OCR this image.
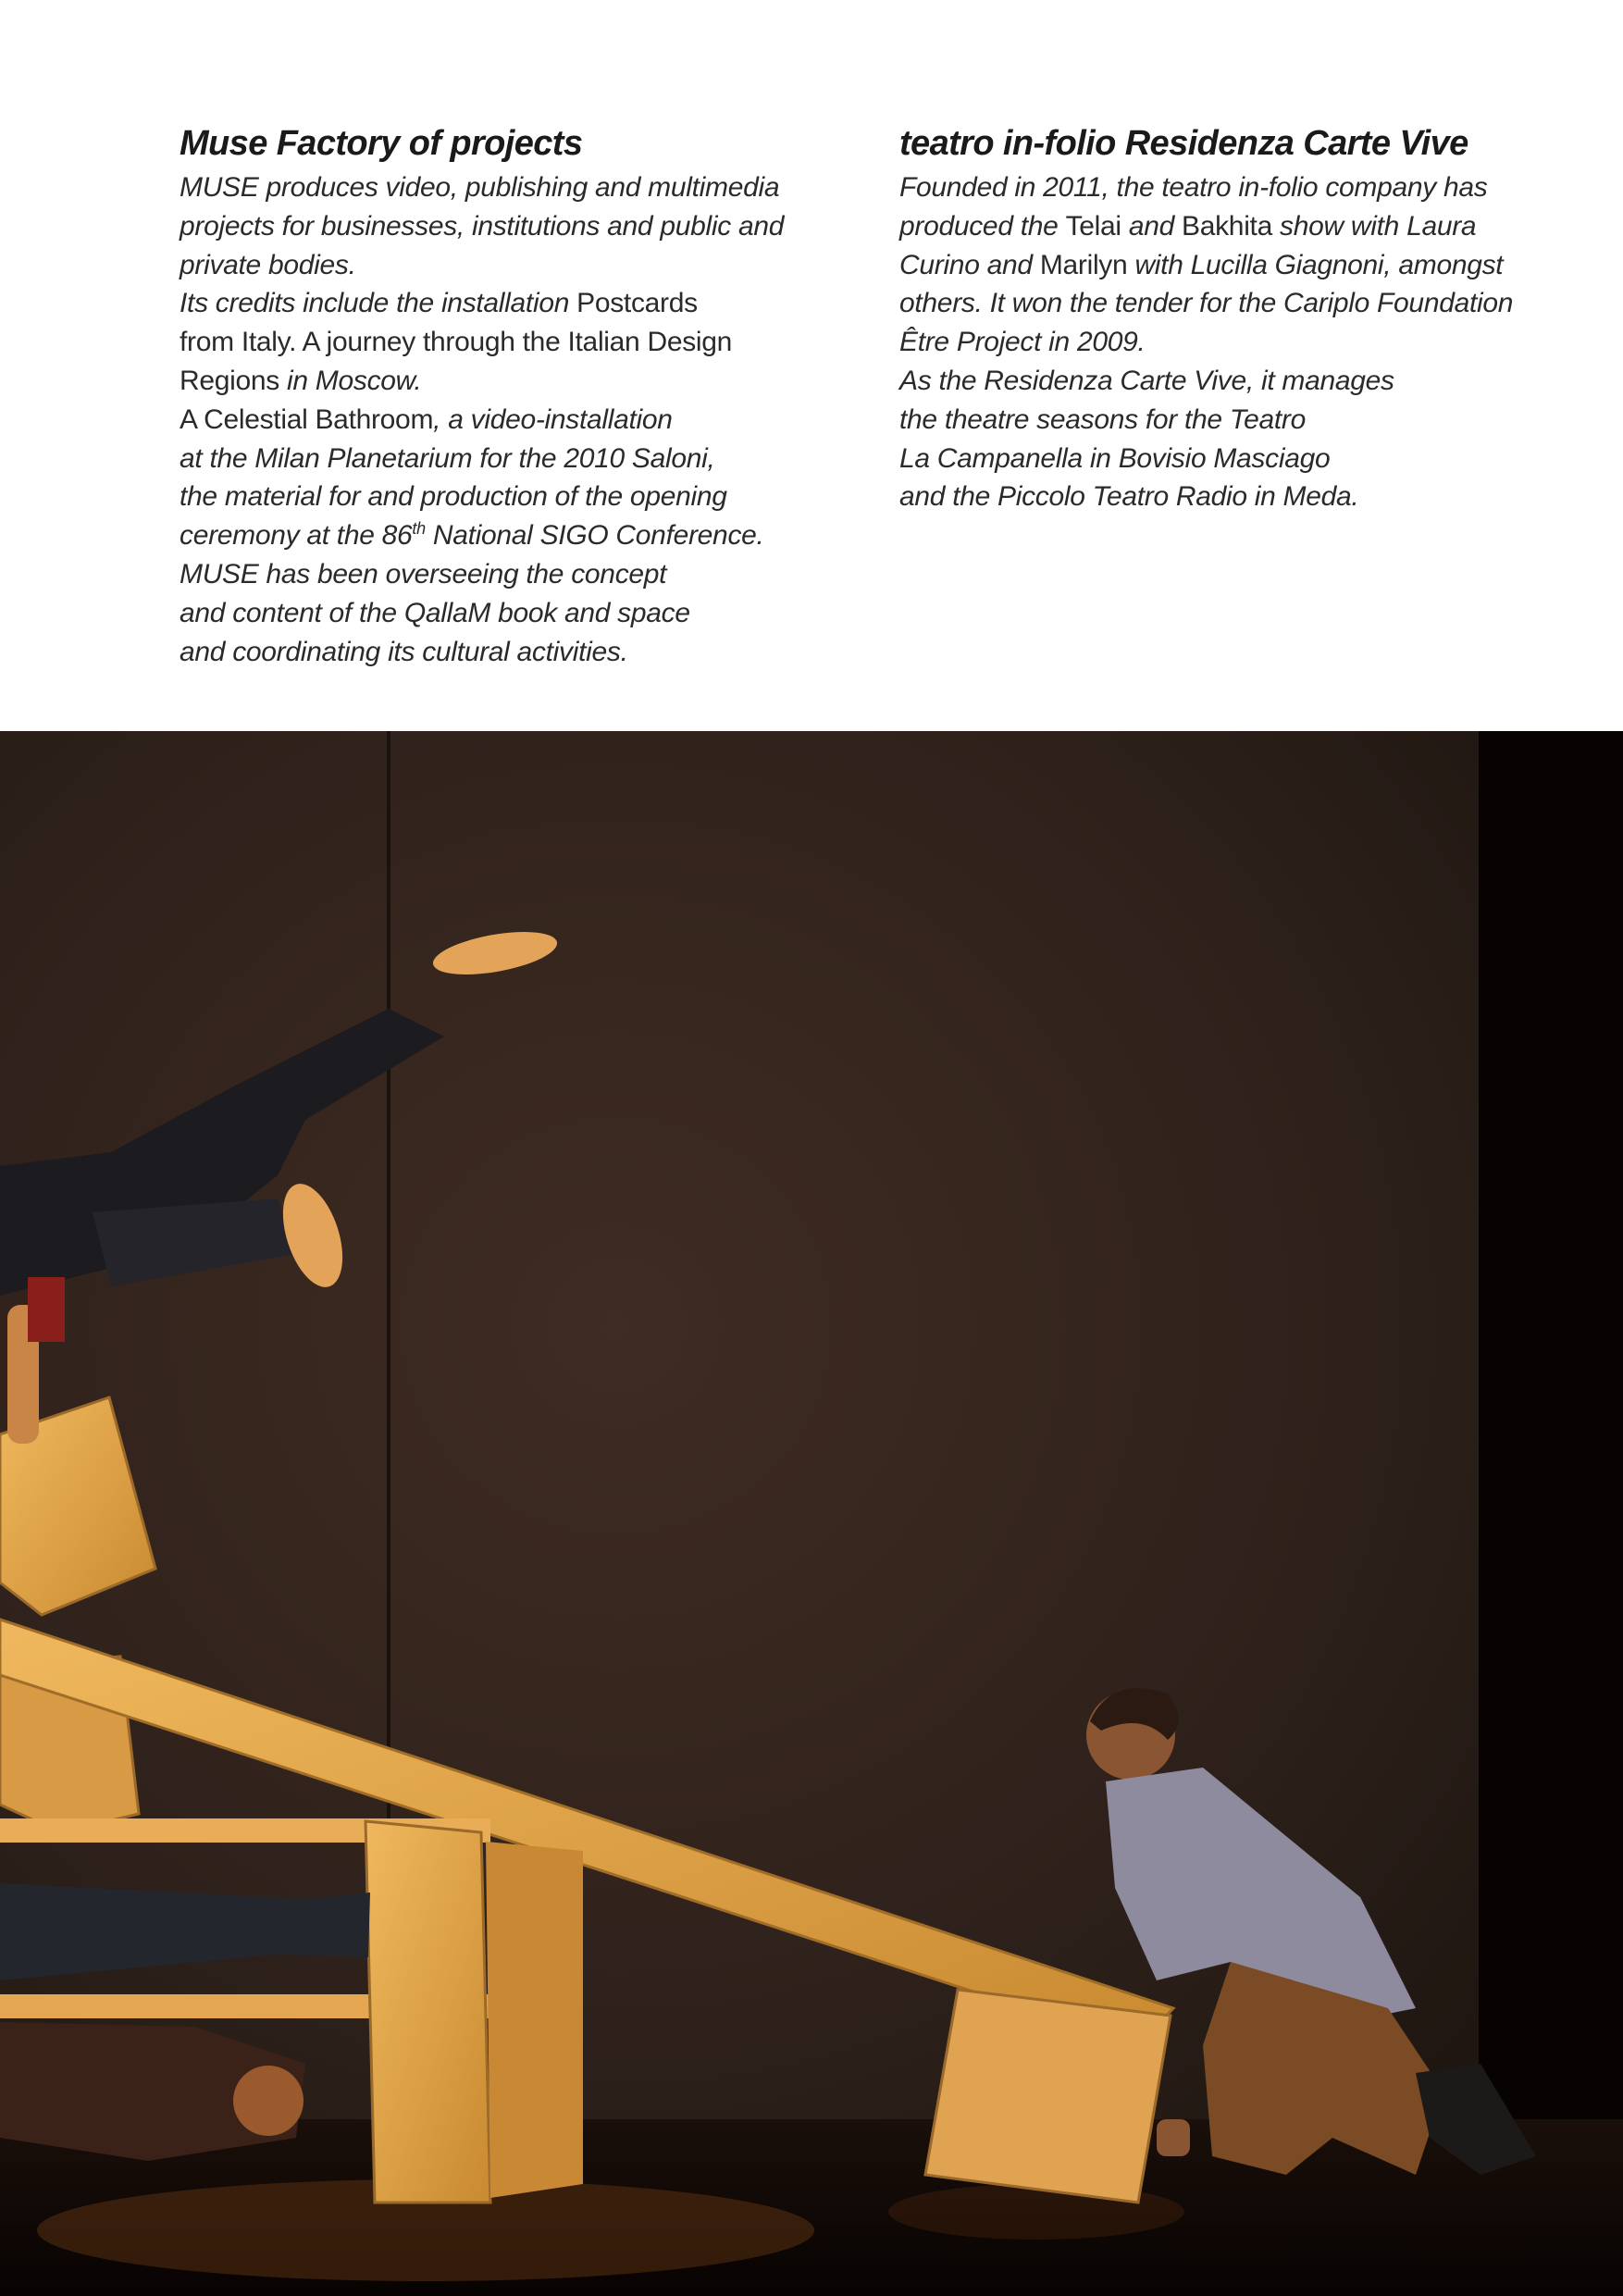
Muse Factory of projects

MUSE produces video, publishing and multimedia
projects for businesses, institutions and public and
private bodies.
Its credits include the installation Postcards
from Italy. A journey through the Italian Design
Regions in Moscow.
A Celestial Bathroom, a video-installation
at the Milan Planetarium for the 2010 Saloni,
the material for and production of the opening
ceremony at the 86th National SIGO Conference.
MUSE has been overseeing the concept
and content of the QallaM book and space
and coordinating its cultural activities.

teatro in-folio Residenza Carte Vive

Founded in 2011, the teatro in-folio company has
produced the Telai and Bakhita show with Laura
Curino and Marilyn with Lucilla Giagnoni, amongst
others. It won the tender for the Cariplo Foundation
Être Project in 2009.
As the Residenza Carte Vive, it manages
the theatre seasons for the Teatro
La Campanella in Bovisio Masciago
and the Piccolo Teatro Radio in Meda.
